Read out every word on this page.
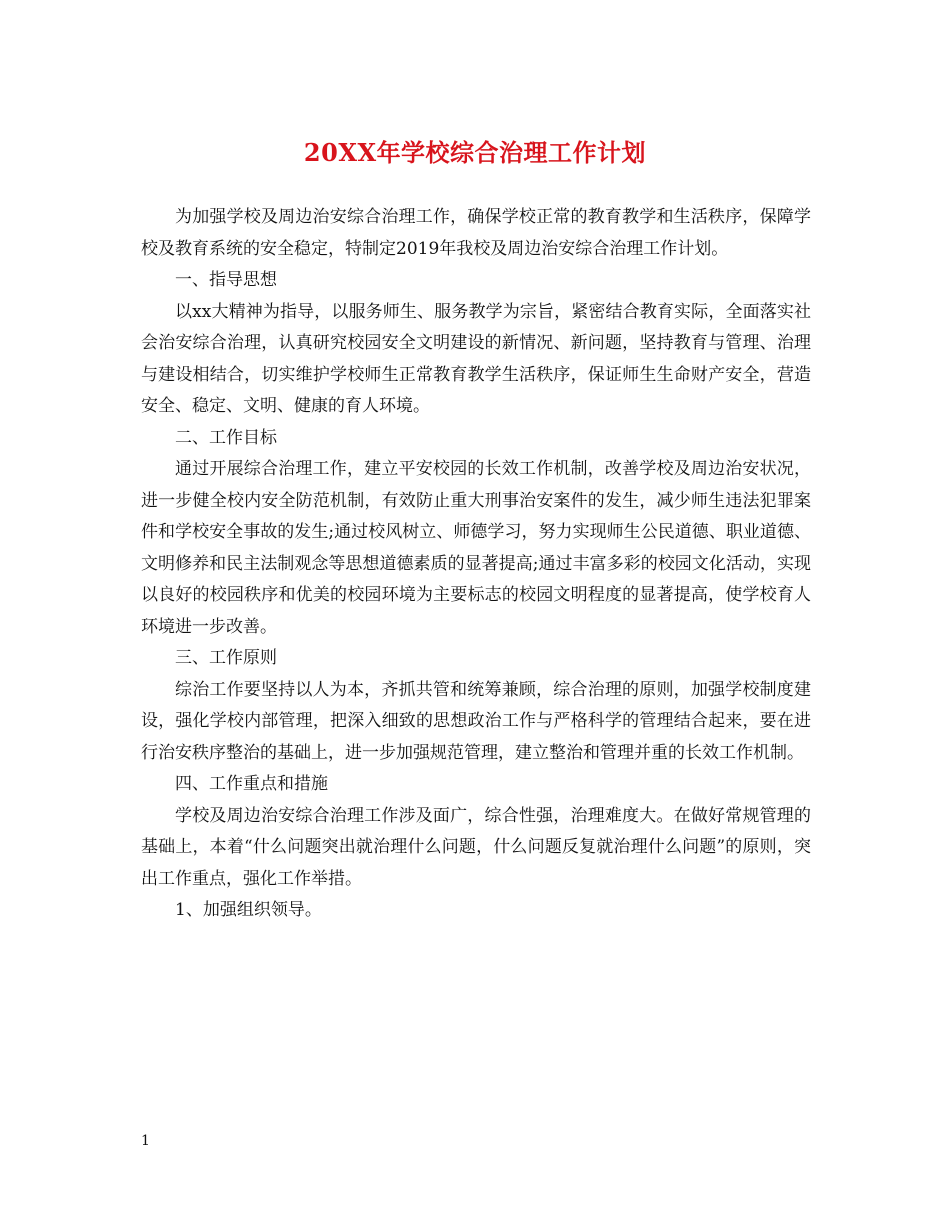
20XX年学校综合治理工作计划

为加强学校及周边治安综合治理工作，确保学校正常的教育教学和生活秩序，保障学校及教育系统的安全稳定，特制定2019年我校及周边治安综合治理工作计划。

一、指导思想

以xx大精神为指导，以服务师生、服务教学为宗旨，紧密结合教育实际，全面落实社会治安综合治理，认真研究校园安全文明建设的新情况、新问题，坚持教育与管理、治理与建设相结合，切实维护学校师生正常教育教学生活秩序，保证师生生命财产安全，营造安全、稳定、文明、健康的育人环境。

二、工作目标

通过开展综合治理工作，建立平安校园的长效工作机制，改善学校及周边治安状况，进一步健全校内安全防范机制，有效防止重大刑事治安案件的发生，减少师生违法犯罪案件和学校安全事故的发生;通过校风树立、师德学习，努力实现师生公民道德、职业道德、文明修养和民主法制观念等思想道德素质的显著提高;通过丰富多彩的校园文化活动，实现以良好的校园秩序和优美的校园环境为主要标志的校园文明程度的显著提高，使学校育人环境进一步改善。

三、工作原则

综治工作要坚持以人为本，齐抓共管和统筹兼顾，综合治理的原则，加强学校制度建设，强化学校内部管理，把深入细致的思想政治工作与严格科学的管理结合起来，要在进行治安秩序整治的基础上，进一步加强规范管理，建立整治和管理并重的长效工作机制。

四、工作重点和措施

学校及周边治安综合治理工作涉及面广，综合性强，治理难度大。在做好常规管理的基础上，本着“什么问题突出就治理什么问题，什么问题反复就治理什么问题”的原则，突出工作重点，强化工作举措。

1、加强组织领导。

1
